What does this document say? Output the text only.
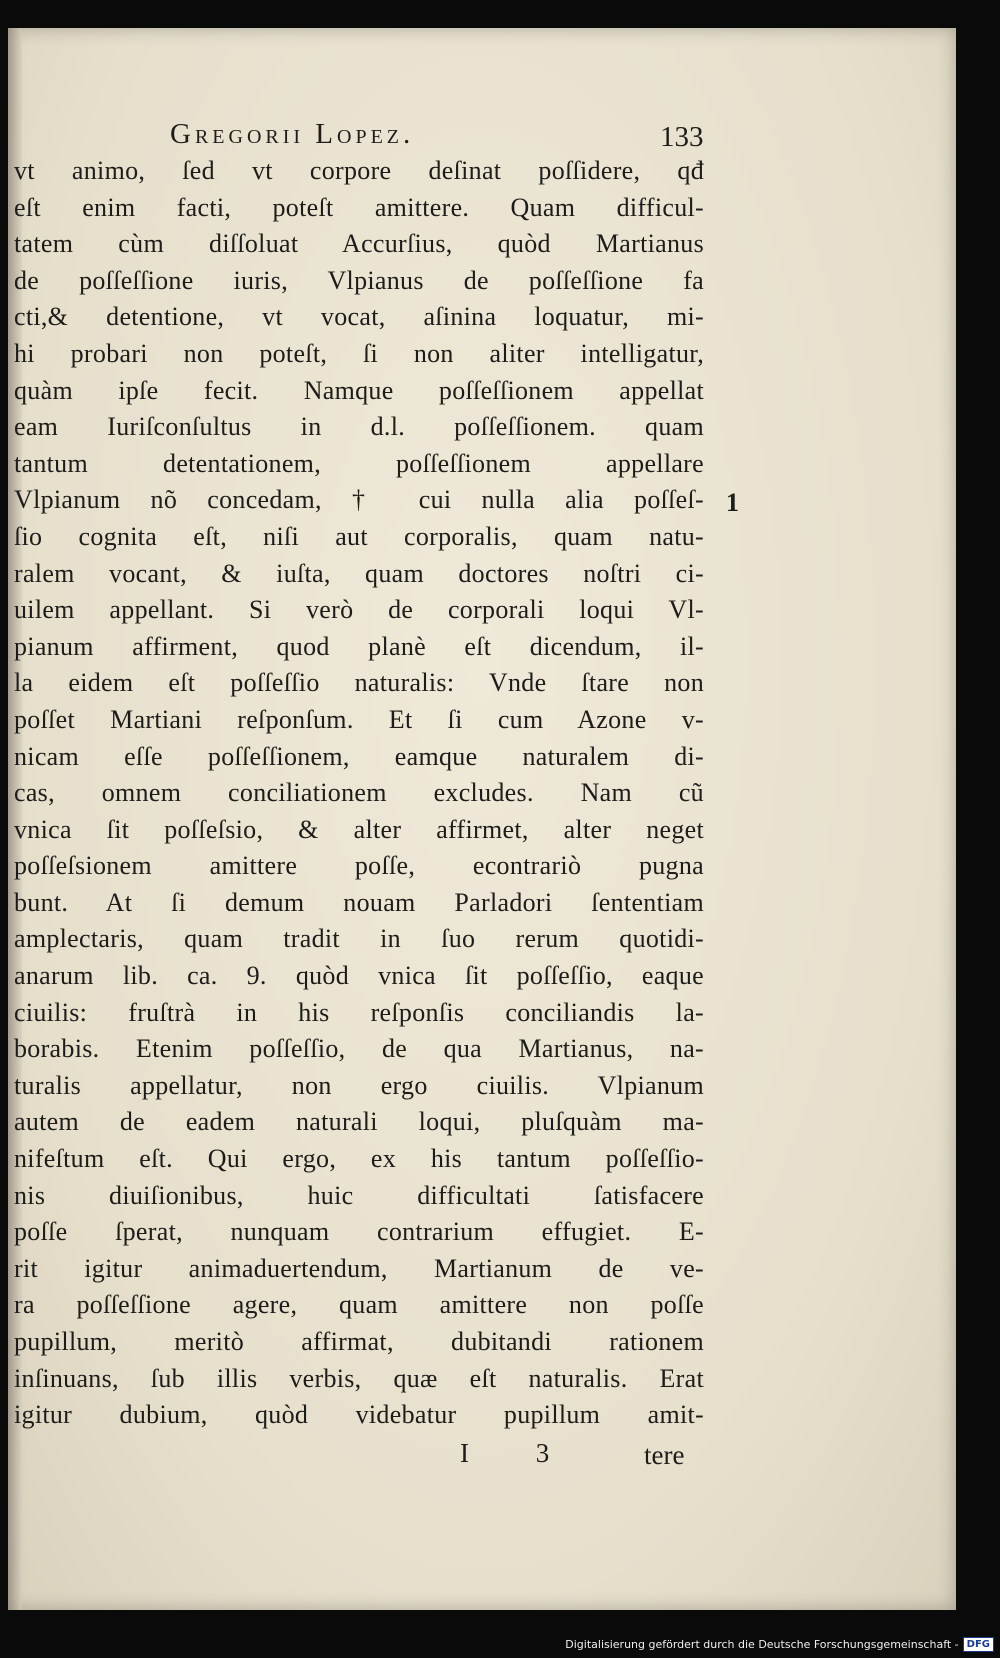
Gregorii Lopez.	133
vt animo, ſed vt corpore deſinat poſſidere, qđ
eſt enim facti, poteſt amittere. Quam difficul-
tatem cùm diſſoluat Accurſius, quòd Martianus
de poſſeſſione iuris, Vlpianus de poſſeſſione fa
cti,& detentione, vt vocat, aſinina loquatur, mi-
hi probari non poteſt, ſi non aliter intelligatur,
quàm ipſe fecit. Namque poſſeſſionem appellat
eam Iuriſconſultus in d.l. poſſeſſionem. quam
tantum detentationem, poſſeſſionem appellare
Vlpianum nõ concedam, † cui nulla alia poſſeſ-
ſio cognita eſt, niſi aut corporalis, quam natu-
ralem vocant, & iuſta, quam doctores noſtri ci-
uilem appellant. Si verò de corporali loqui Vl-
pianum affirment, quod planè eſt dicendum, il-
la eidem eſt poſſeſſio naturalis: Vnde ſtare non
poſſet Martiani reſponſum. Et ſi cum Azone v-
nicam eſſe poſſeſſionem, eamque naturalem di-
cas, omnem conciliationem excludes. Nam cũ
vnica ſit poſſeſsio, & alter affirmet, alter neget
poſſeſsionem amittere poſſe, econtrariò pugna
bunt. At ſi demum nouam Parladori ſententiam
amplectaris, quam tradit in ſuo rerum quotidi-
anarum lib. ca. 9. quòd vnica ſit poſſeſſio, eaque
ciuilis: fruſtrà in his reſponſis conciliandis la-
borabis. Etenim poſſeſſio, de qua Martianus, na-
turalis appellatur, non ergo ciuilis. Vlpianum
autem de eadem naturali loqui, pluſquàm ma-
nifeſtum eſt. Qui ergo, ex his tantum poſſeſſio-
nis diuiſionibus, huic difficultati ſatisfacere
poſſe ſperat, nunquam contrarium effugiet. E-
rit igitur animaduertendum, Martianum de ve-
ra poſſeſſione agere, quam amittere non poſſe
pupillum, meritò affirmat, dubitandi rationem
inſinuans, ſub illis verbis, quæ eſt naturalis. Erat
igitur dubium, quòd videbatur pupillum amit-
1
I 3 tere
Digitalisierung gefördert durch die Deutsche Forschungsgemeinschaft - DFG
